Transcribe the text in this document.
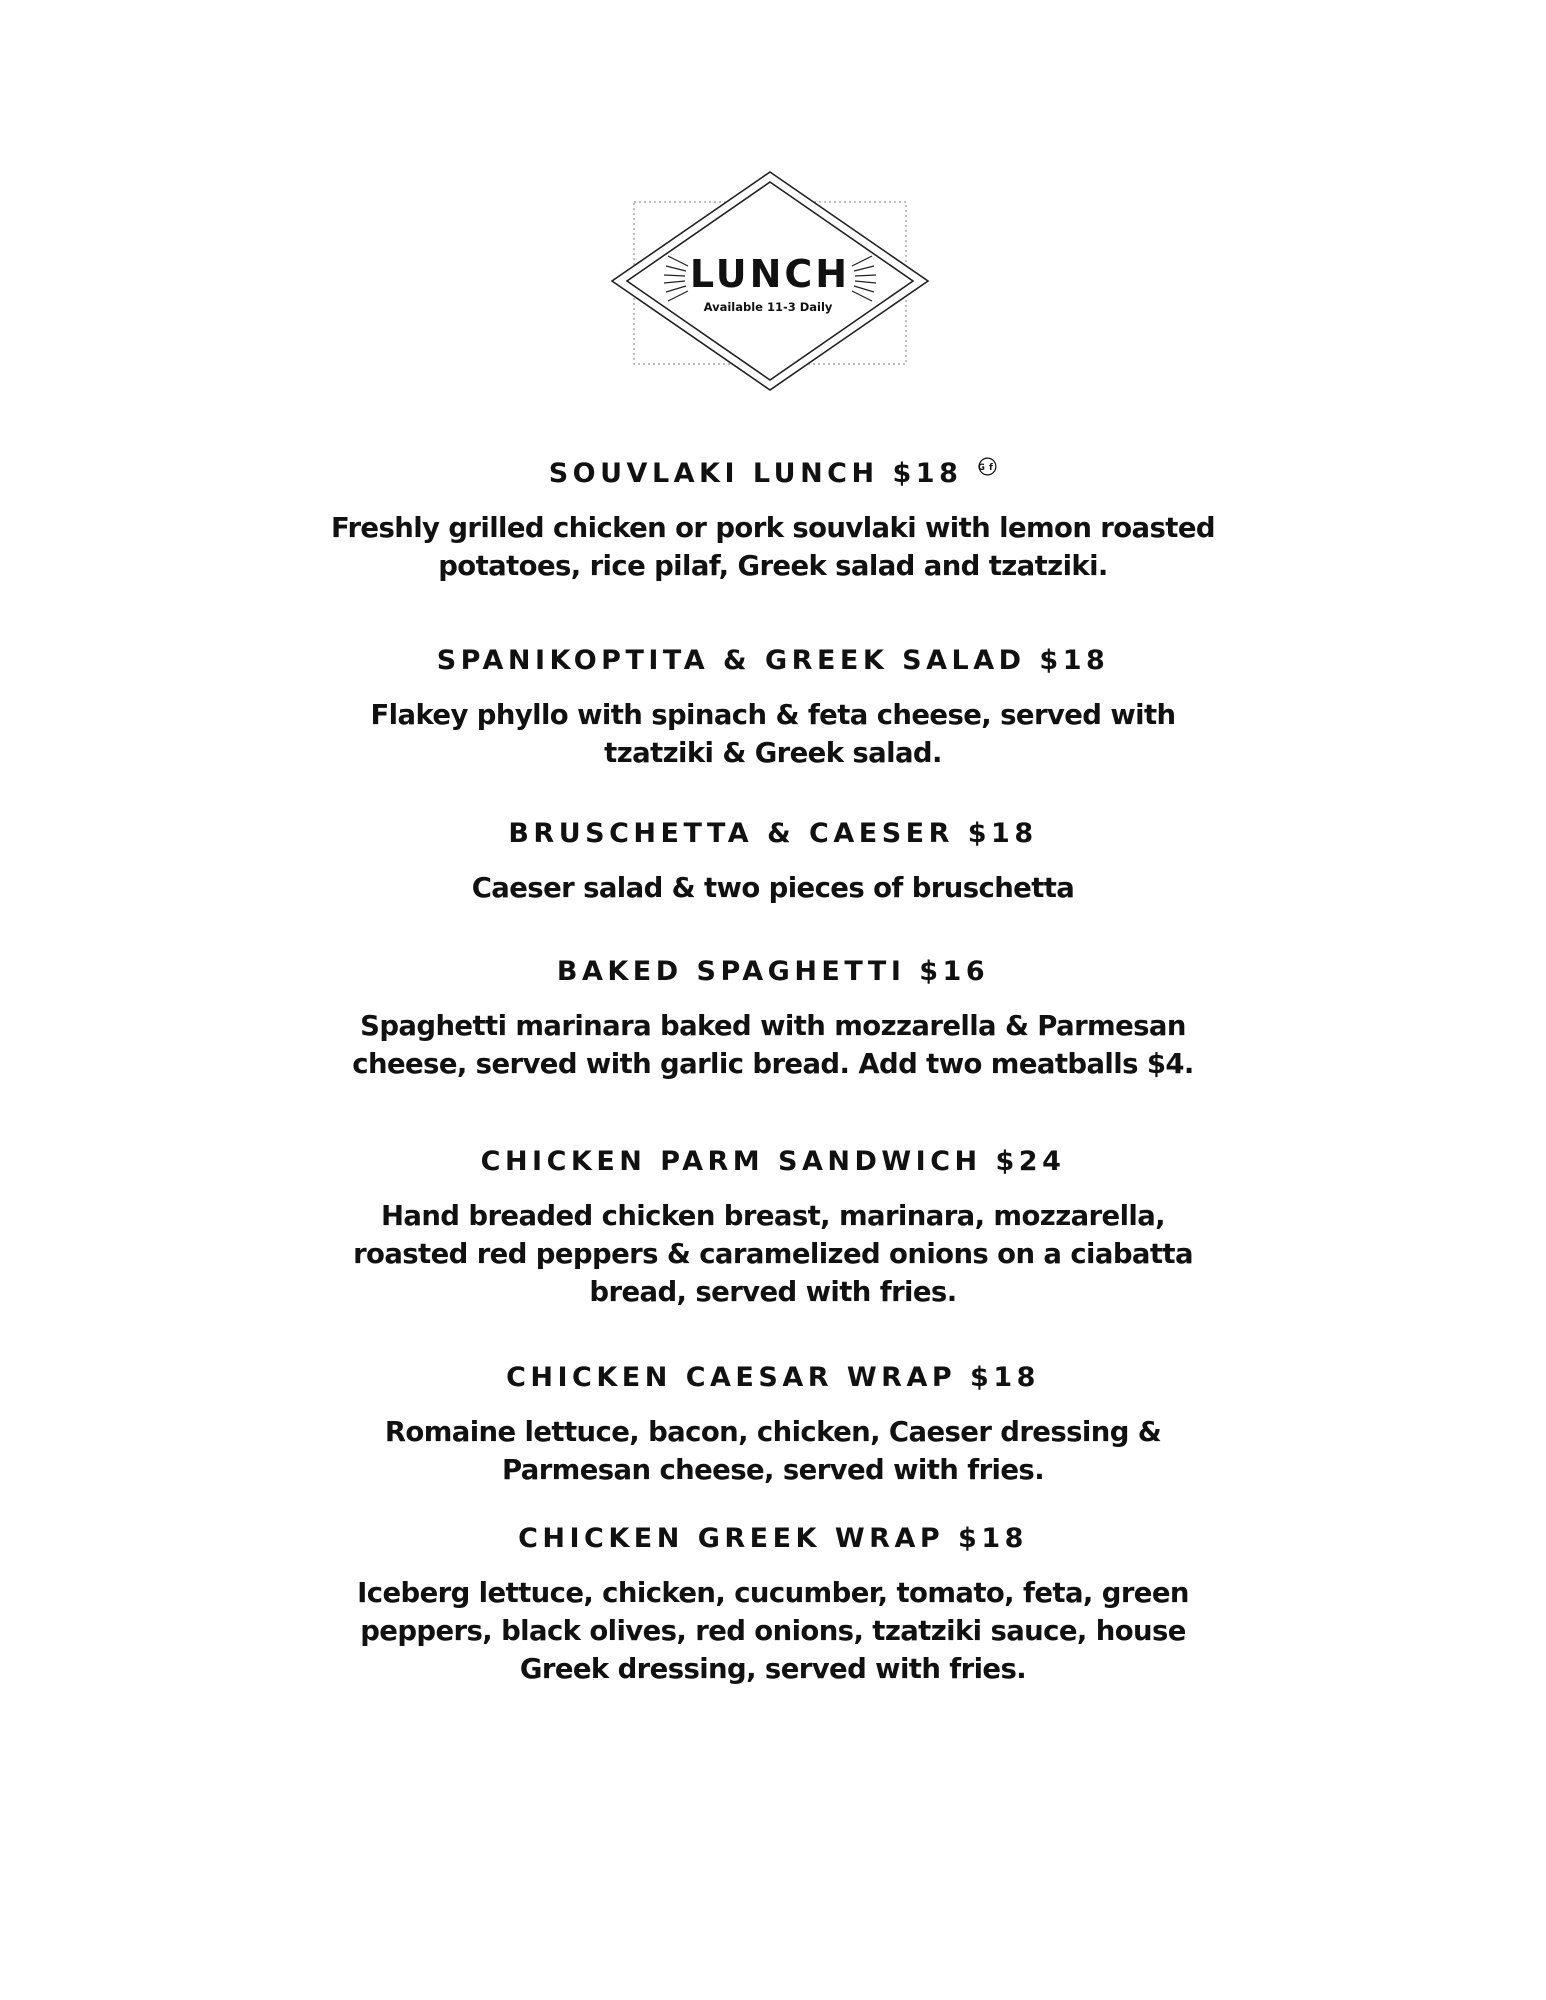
LUNCH
Available 11-3 Daily
SOUVLAKI LUNCH $18 Gf

Freshly grilled chicken or pork souvlaki with lemon roasted
potatoes, rice pilaf, Greek salad and tzatziki.

SPANIKOPTITA & GREEK SALAD $18

Flakey phyllo with spinach & feta cheese, served with
tzatziki & Greek salad.

BRUSCHETTA & CAESER $18

Caeser salad & two pieces of bruschetta

BAKED SPAGHETTI $16

Spaghetti marinara baked with mozzarella & Parmesan
cheese, served with garlic bread. Add two meatballs $4.

CHICKEN PARM SANDWICH $24

Hand breaded chicken breast, marinara, mozzarella,
roasted red peppers & caramelized onions on a ciabatta
bread, served with fries.

CHICKEN CAESAR WRAP $18

Romaine lettuce, bacon, chicken, Caeser dressing &
Parmesan cheese, served with fries.

CHICKEN GREEK WRAP $18

Iceberg lettuce, chicken, cucumber, tomato, feta, green
peppers, black olives, red onions, tzatziki sauce, house
Greek dressing, served with fries.
